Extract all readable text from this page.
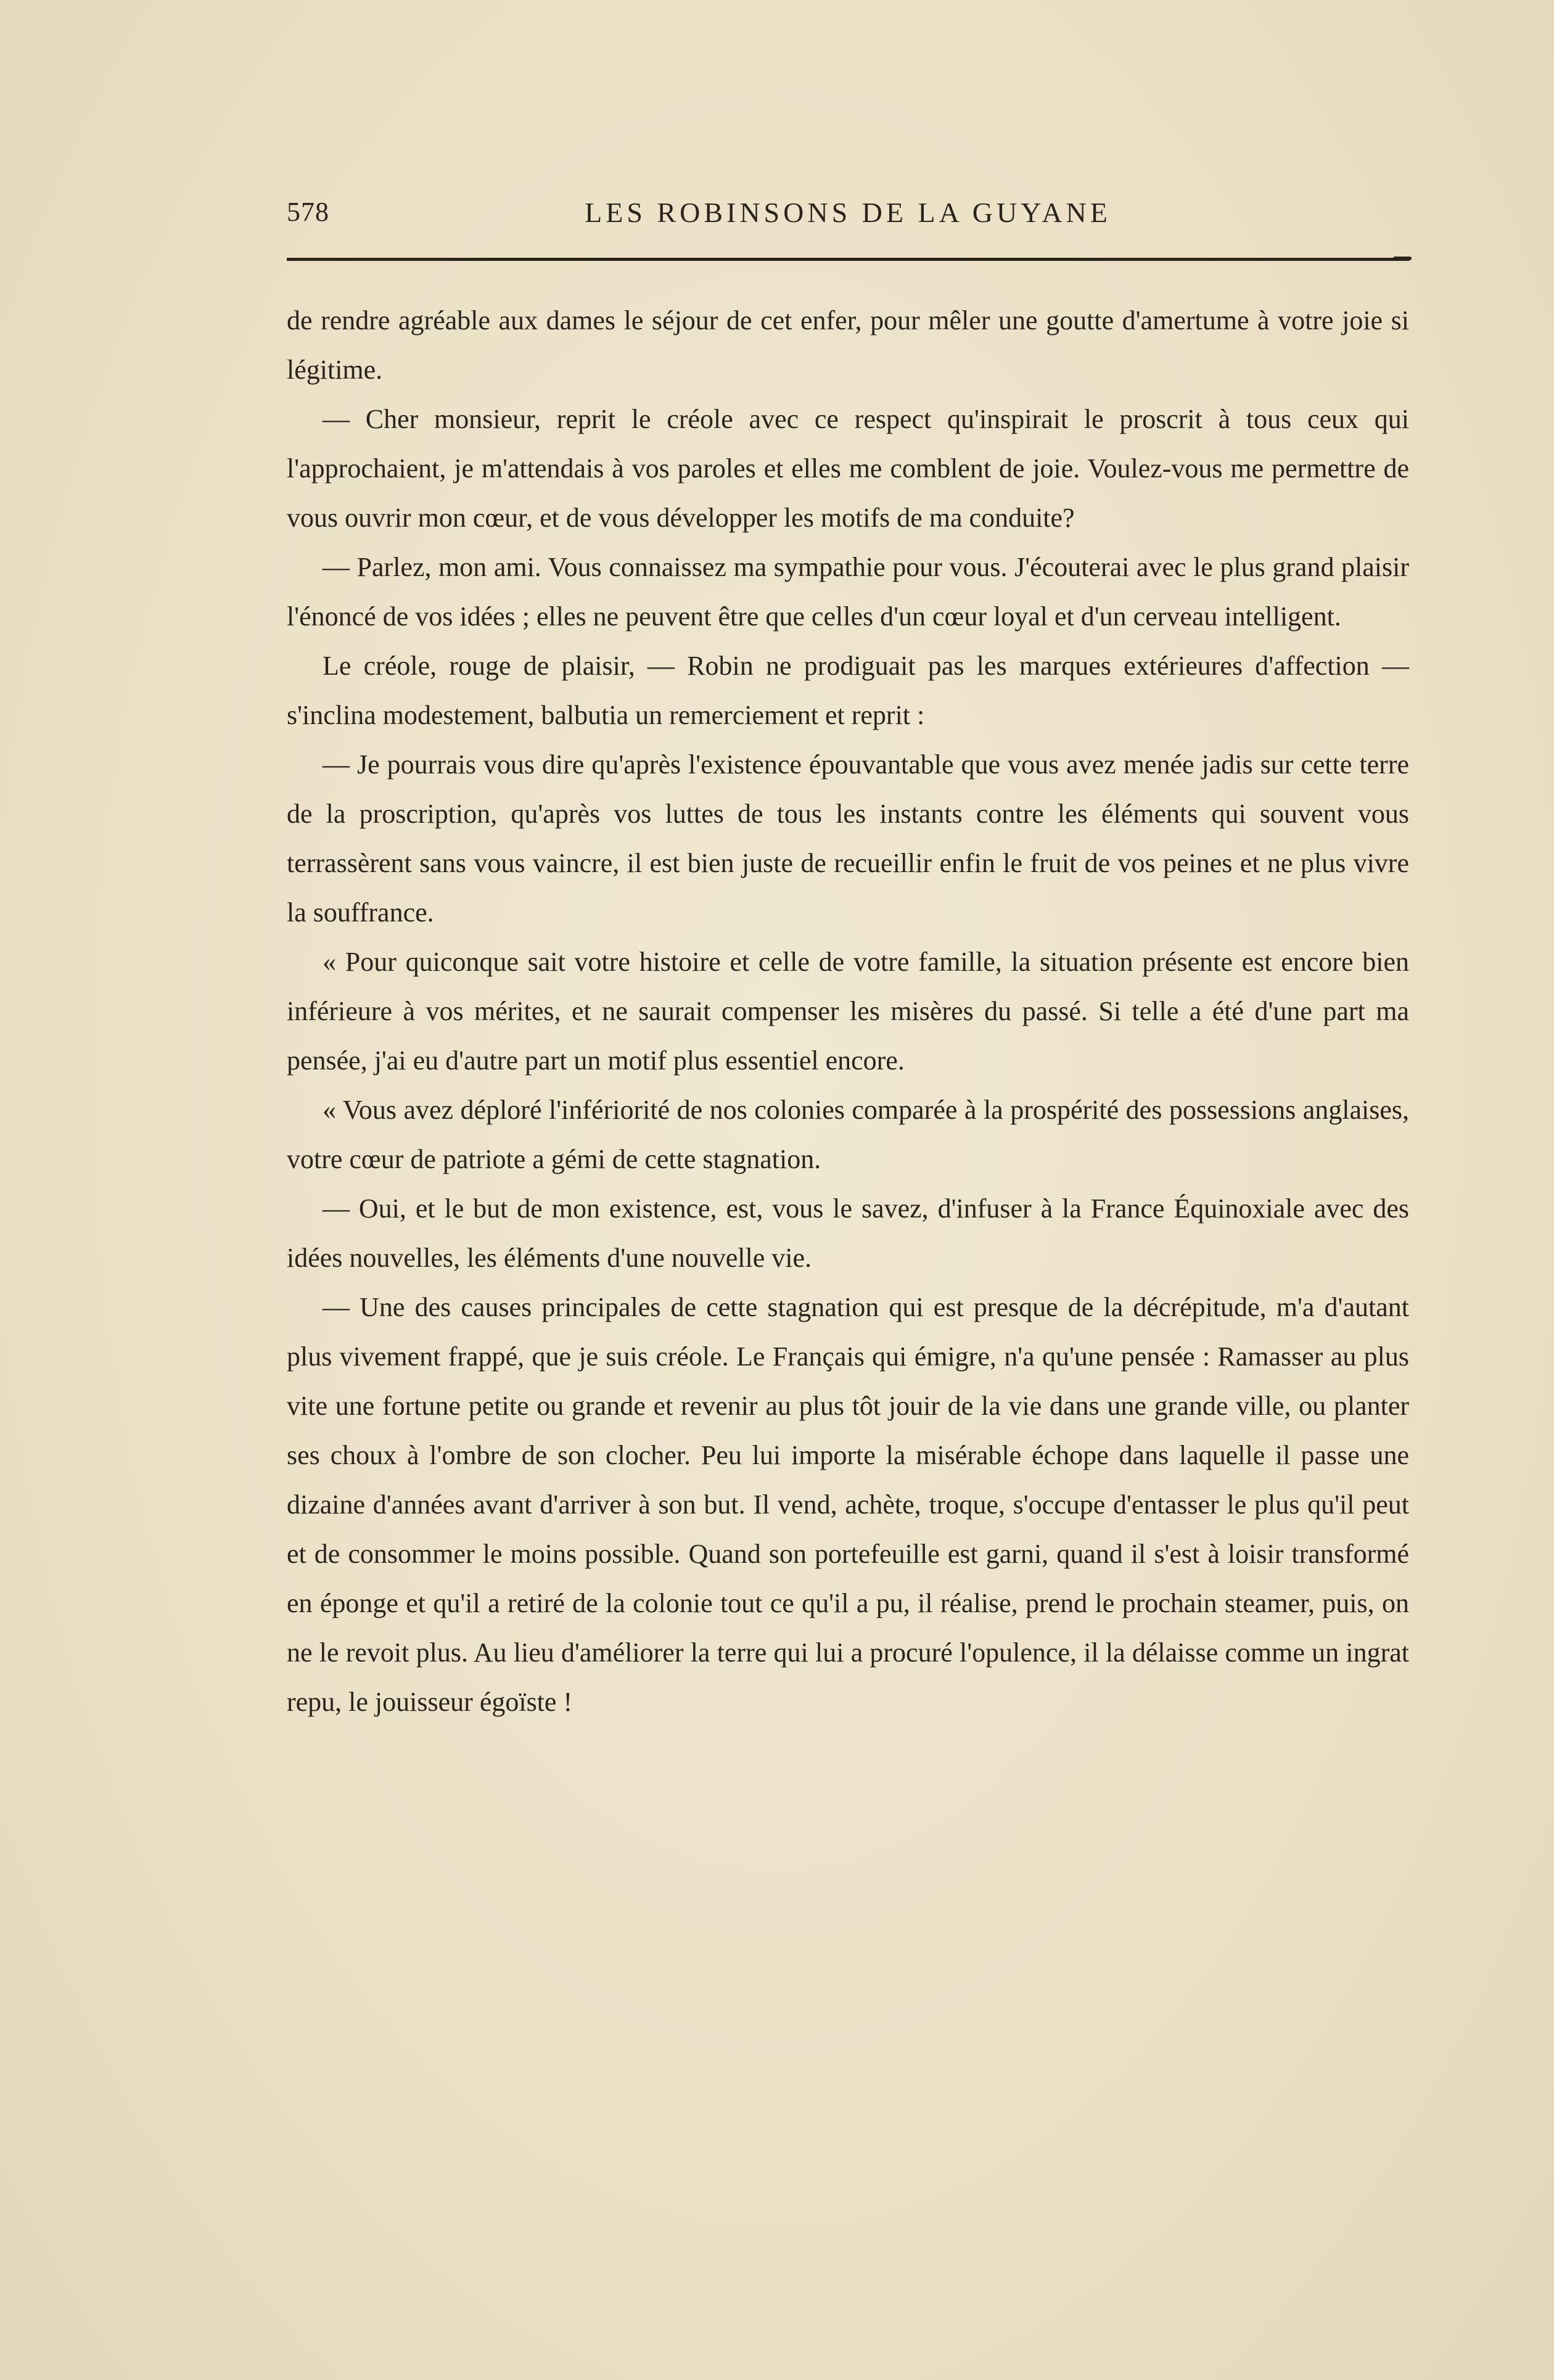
578	LES ROBINSONS DE LA GUYANE

de rendre agréable aux dames le séjour de cet enfer, pour mêler une goutte d'amertume à votre joie si légitime.

— Cher monsieur, reprit le créole avec ce respect qu'inspirait le proscrit à tous ceux qui l'approchaient, je m'attendais à vos paroles et elles me comblent de joie. Voulez-vous me permettre de vous ouvrir mon cœur, et de vous développer les motifs de ma conduite?

— Parlez, mon ami. Vous connaissez ma sympathie pour vous. J'écouterai avec le plus grand plaisir l'énoncé de vos idées ; elles ne peuvent être que celles d'un cœur loyal et d'un cerveau intelligent.

Le créole, rouge de plaisir, — Robin ne prodiguait pas les marques extérieures d'affection — s'inclina modestement, balbutia un remerciement et reprit :

— Je pourrais vous dire qu'après l'existence épouvantable que vous avez menée jadis sur cette terre de la proscription, qu'après vos luttes de tous les instants contre les éléments qui souvent vous terrassèrent sans vous vaincre, il est bien juste de recueillir enfin le fruit de vos peines et ne plus vivre la souffrance.

« Pour quiconque sait votre histoire et celle de votre famille, la situation présente est encore bien inférieure à vos mérites, et ne saurait compenser les misères du passé. Si telle a été d'une part ma pensée, j'ai eu d'autre part un motif plus essentiel encore.

« Vous avez déploré l'infériorité de nos colonies comparée à la prospérité des possessions anglaises, votre cœur de patriote a gémi de cette stagnation.

— Oui, et le but de mon existence, est, vous le savez, d'infuser à la France Équinoxiale avec des idées nouvelles, les éléments d'une nouvelle vie.

— Une des causes principales de cette stagnation qui est presque de la décrépitude, m'a d'autant plus vivement frappé, que je suis créole. Le Français qui émigre, n'a qu'une pensée : Ramasser au plus vite une fortune petite ou grande et revenir au plus tôt jouir de la vie dans une grande ville, ou planter ses choux à l'ombre de son clocher. Peu lui importe la misérable échope dans laquelle il passe une dizaine d'années avant d'arriver à son but. Il vend, achète, troque, s'occupe d'entasser le plus qu'il peut et de consommer le moins possible. Quand son portefeuille est garni, quand il s'est à loisir transformé en éponge et qu'il a retiré de la colonie tout ce qu'il a pu, il réalise, prend le prochain steamer, puis, on ne le revoit plus. Au lieu d'améliorer la terre qui lui a procuré l'opulence, il la délaisse comme un ingrat repu, le jouisseur égoïste !
